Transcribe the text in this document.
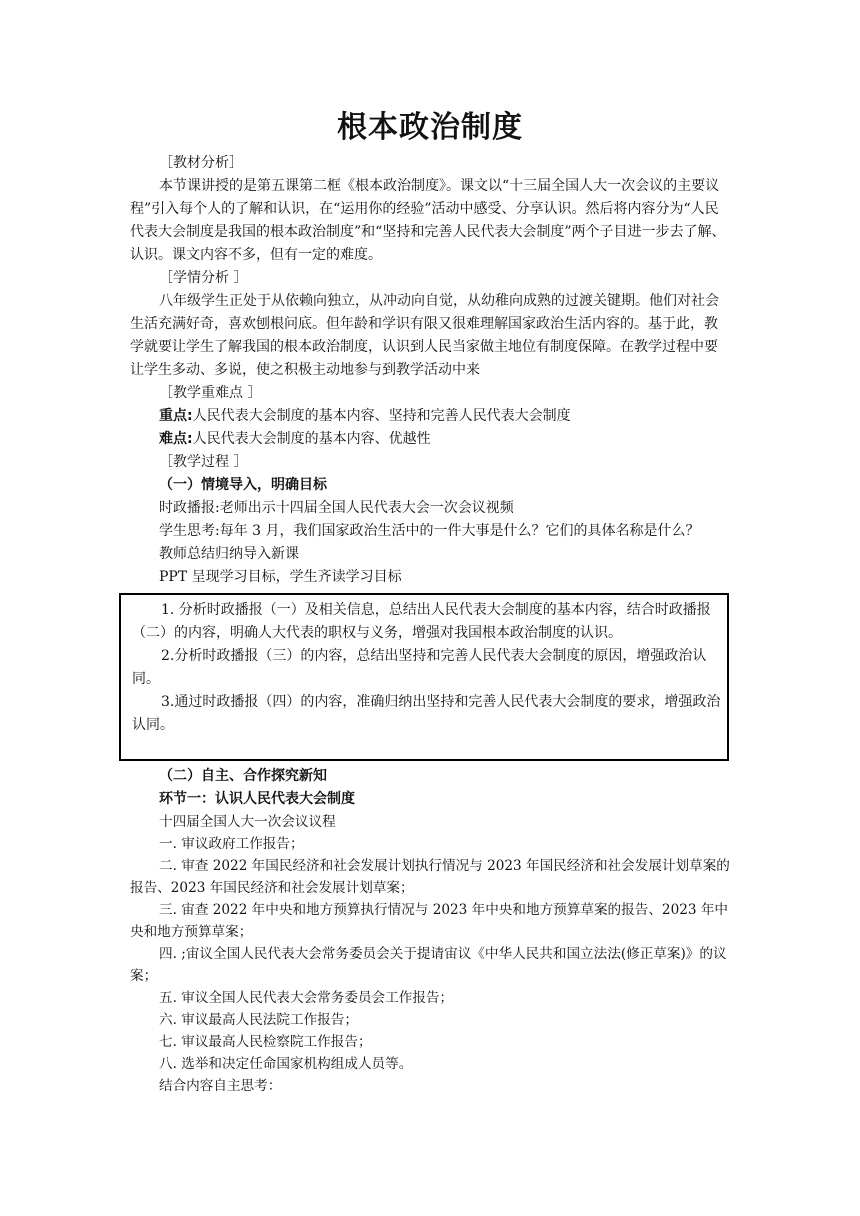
根本政治制度

［教材分析］

本节课讲授的是第五课第二框《根本政治制度》。课文以“十三届全国人大一次会议的主要议程”引入每个人的了解和认识，在“运用你的经验”活动中感受、分享认识。然后将内容分为“人民代表大会制度是我国的根本政治制度”和“坚持和完善人民代表大会制度”两个子目进一步去了解、认识。课文内容不多，但有一定的难度。

［学情分析 ］

八年级学生正处于从依赖向独立，从冲动向自觉，从幼稚向成熟的过渡关键期。他们对社会生活充满好奇，喜欢刨根问底。但年龄和学识有限又很难理解国家政治生活内容的。基于此，教学就要让学生了解我国的根本政治制度，认识到人民当家做主地位有制度保障。在教学过程中要让学生多动、多说，使之积极主动地参与到教学活动中来

［教学重难点 ］

重点:人民代表大会制度的基本内容、坚持和完善人民代表大会制度

难点:人民代表大会制度的基本内容、优越性

［教学过程 ］

（一）情境导入，明确目标

时政播报:老师出示十四届全国人民代表大会一次会议视频

学生思考:每年 3 月，我们国家政治生活中的一件大事是什么？它们的具体名称是什么？

教师总结归纳导入新课

PPT 呈现学习目标，学生齐读学习目标

1. 分析时政播报（一）及相关信息，总结出人民代表大会制度的基本内容，结合时政播报（二）的内容，明确人大代表的职权与义务，增强对我国根本政治制度的认识。

2.分析时政播报（三）的内容，总结出坚持和完善人民代表大会制度的原因，增强政治认同。

3.通过时政播报（四）的内容，准确归纳出坚持和完善人民代表大会制度的要求，增强政治认同。

（二）自主、合作探究新知

环节一：认识人民代表大会制度

十四届全国人大一次会议议程

一. 审议政府工作报告；

二. 审查 2022 年国民经济和社会发展计划执行情况与 2023 年国民经济和社会发展计划草案的报告、2023 年国民经济和社会发展计划草案；

三. 宙查 2022 年中央和地方预算执行情况与 2023 年中央和地方预算草案的报告、2023 年中央和地方预算草案；

四. ;宙议全国人民代表大会常务委员会关于提请宙议《中华人民共和国立法法(修正草案)》的议案；

五. 审议全国人民代表大会常务委员会工作报告；

六. 审议最高人民法院工作报告；

七. 审议最高人民检察院工作报告；

八. 选举和决定任命国家机构组成人员等。

结合内容自主思考：
